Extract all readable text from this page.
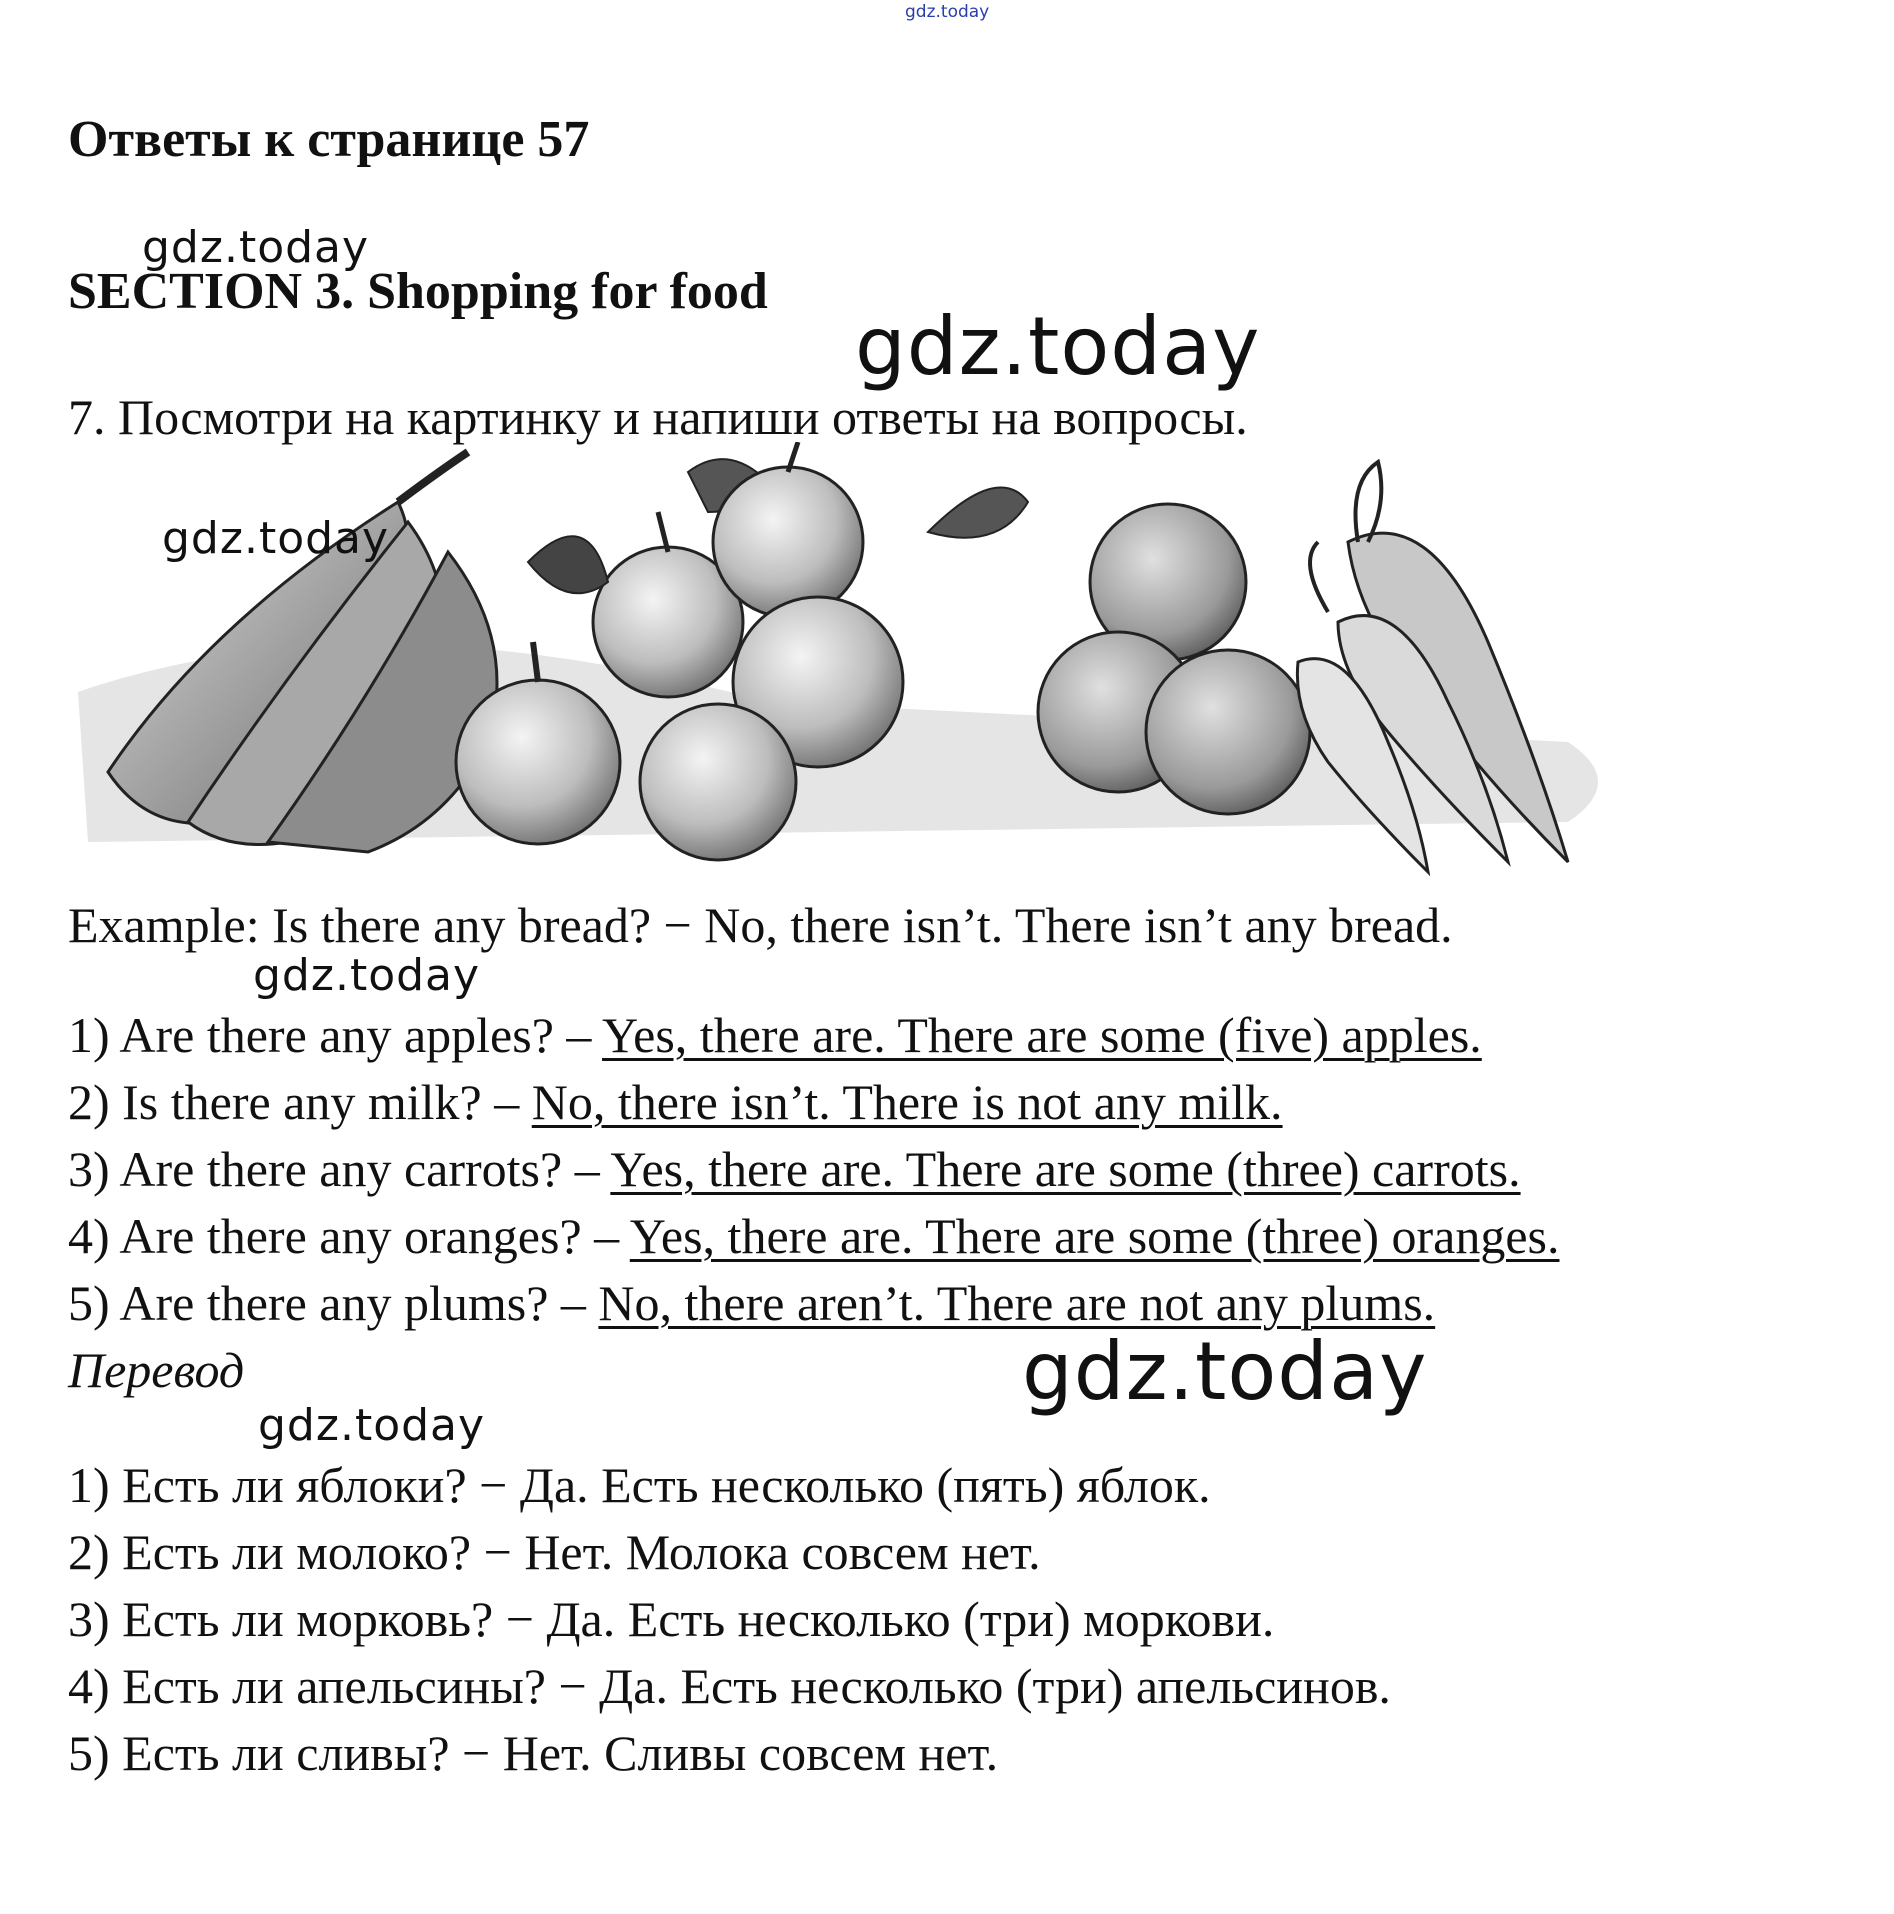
gdz.today
Ответы к странице 57
gdz.today
SECTION 3. Shopping for food
gdz.today
7. Посмотри на картинку и напиши ответы на вопросы.
gdz.today
Example: Is there any bread? − No, there isn’t. There isn’t any bread.
gdz.today
1) Are there any apples? – Yes, there are. There are some (five) apples.
2) Is there any milk? – No, there isn’t. There is not any milk.
3) Are there any carrots? – Yes, there are. There are some (three) carrots.
4) Are there any oranges? – Yes, there are. There are some (three) oranges.
5) Are there any plums? – No, there aren’t. There are not any plums.
Перевод	gdz.today
gdz.today
1) Есть ли яблоки? − Да. Есть несколько (пять) яблок.
2) Есть ли молоко? − Нет. Молока совсем нет.
3) Есть ли морковь? − Да. Есть несколько (три) моркови.
4) Есть ли апельсины? − Да. Есть несколько (три) апельсинов.
5) Есть ли сливы? − Нет. Сливы совсем нет.
